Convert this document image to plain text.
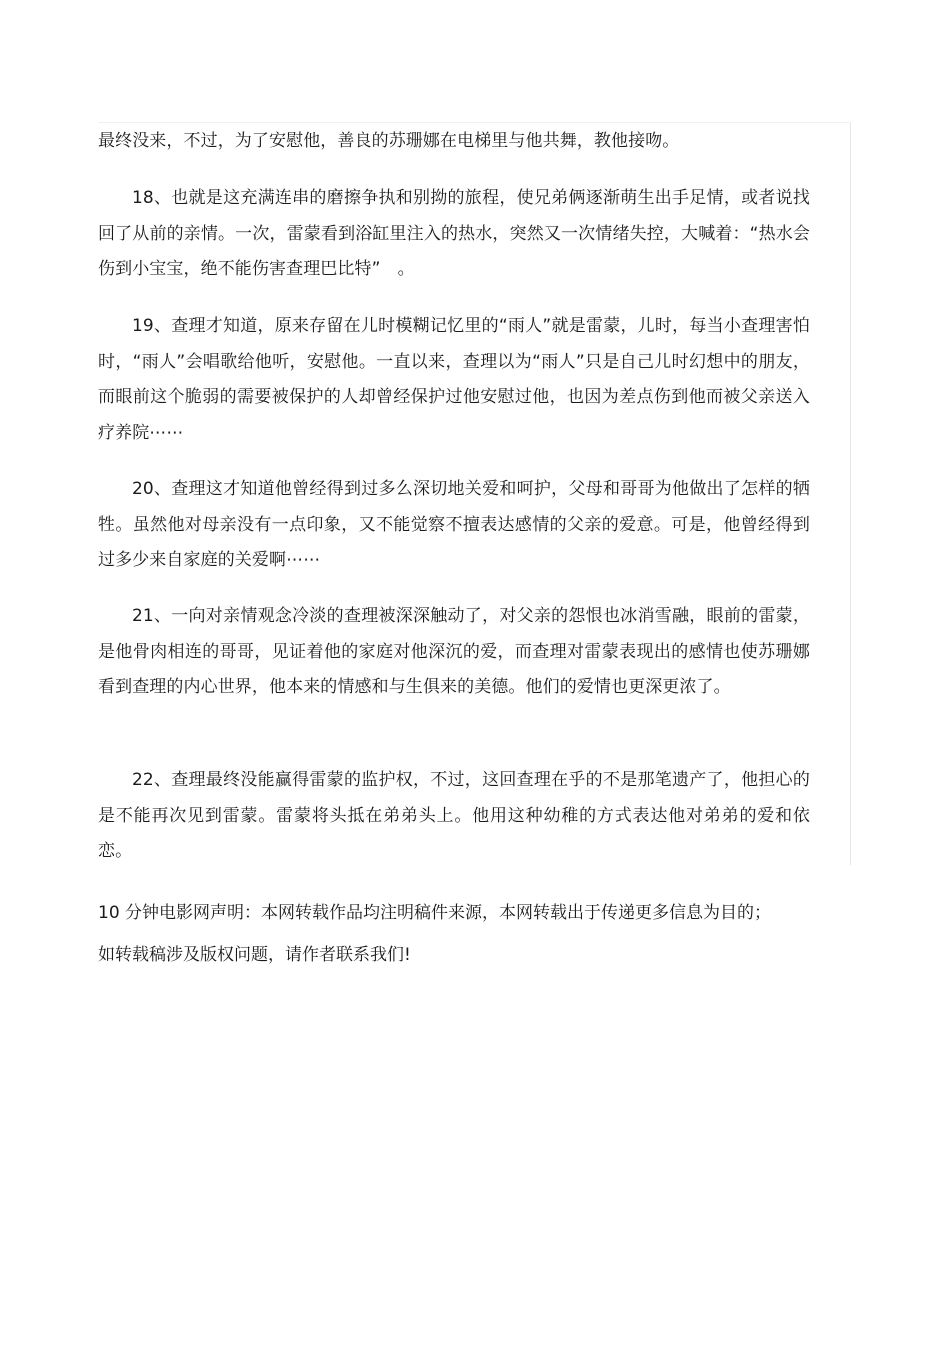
最终没来，不过，为了安慰他，善良的苏珊娜在电梯里与他共舞，教他接吻。

18、也就是这充满连串的磨擦争执和别拗的旅程，使兄弟俩逐渐萌生出手足情，或者说找回了从前的亲情。一次，雷蒙看到浴缸里注入的热水，突然又一次情绪失控，大喊着：“热水会伤到小宝宝，绝不能伤害查理巴比特”　。

19、查理才知道，原来存留在儿时模糊记忆里的“雨人”就是雷蒙，儿时，每当小查理害怕时，“雨人”会唱歌给他听，安慰他。一直以来，查理以为“雨人”只是自己儿时幻想中的朋友，而眼前这个脆弱的需要被保护的人却曾经保护过他安慰过他，也因为差点伤到他而被父亲送入疗养院⋯⋯

20、查理这才知道他曾经得到过多么深切地关爱和呵护，父母和哥哥为他做出了怎样的牺牲。虽然他对母亲没有一点印象，又不能觉察不擅表达感情的父亲的爱意。可是，他曾经得到过多少来自家庭的关爱啊⋯⋯

21、一向对亲情观念冷淡的查理被深深触动了，对父亲的怨恨也冰消雪融，眼前的雷蒙，是他骨肉相连的哥哥，见证着他的家庭对他深沉的爱，而查理对雷蒙表现出的感情也使苏珊娜看到查理的内心世界，他本来的情感和与生俱来的美德。他们的爱情也更深更浓了。

22、查理最终没能赢得雷蒙的监护权，不过，这回查理在乎的不是那笔遗产了，他担心的是不能再次见到雷蒙。雷蒙将头抵在弟弟头上。他用这种幼稚的方式表达他对弟弟的爱和依恋。

10 分钟电影网声明：本网转载作品均注明稿件来源，本网转载出于传递更多信息为目的；

如转载稿涉及版权问题，请作者联系我们!
